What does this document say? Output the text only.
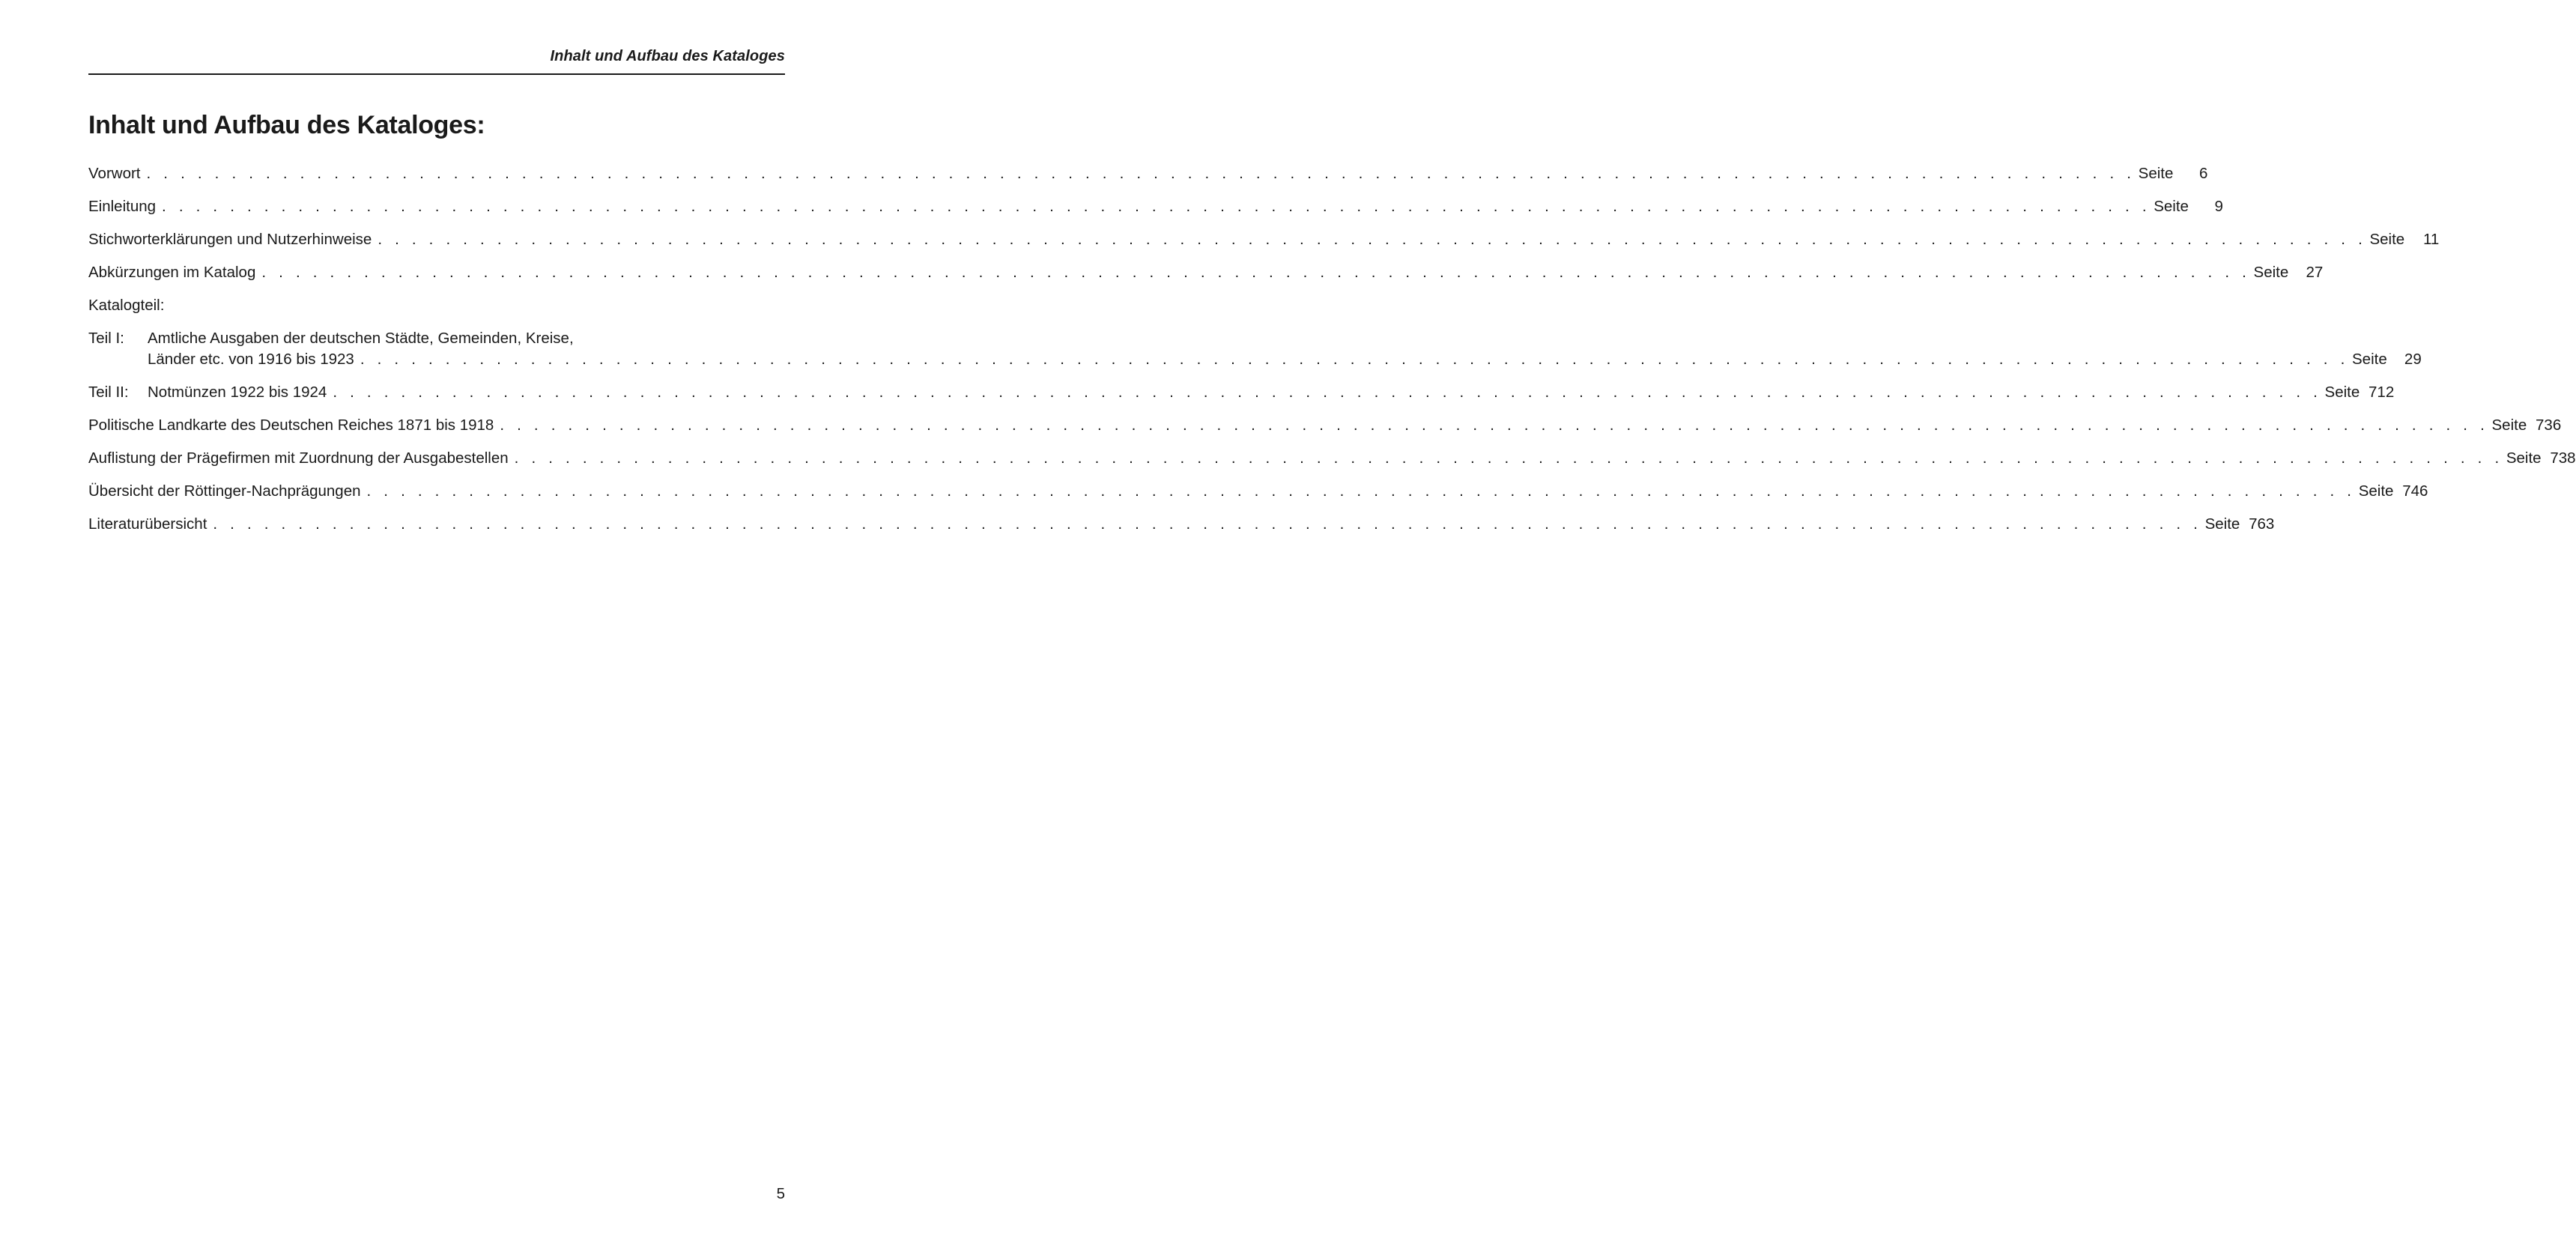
Inhalt und Aufbau des Kataloges
Inhalt und Aufbau des Kataloges:
Vorwort . . . . . . . . . . . . . . . . . . . . . . . . . . . . . . . . . . . . . . . . . . . . . . . . . . . . . . . . . . . . . . . . . . . . . . . . . . . . . . . . . . . . . . . . . . . . . . . . . . . . . . . . . . . . . . . . . . . . . Seite	6
Einleitung . . . . . . . . . . . . . . . . . . . . . . . . . . . . . . . . . . . . . . . . . . . . . . . . . . . . . . . . . . . . . . . . . . . . . . . . . . . . . . . . . . . . . . . . . . . . . . . . . . . . . . . . . . . . . . . . . . . . . Seite	9
Stichworterklärungen und Nutzerhinweise . . . . . . . . . . . . . . . . . . . . . . . . . . . . . . . . . . . . . . . . . . . . . . . . . . . . . . . . . . . . . . . . . . . . . . . . . . . . . . . . . . . . . . . . . . . . . . . . . . . . . . . . . . . . . . . . . . . . . Seite	11
Abkürzungen im Katalog . . . . . . . . . . . . . . . . . . . . . . . . . . . . . . . . . . . . . . . . . . . . . . . . . . . . . . . . . . . . . . . . . . . . . . . . . . . . . . . . . . . . . . . . . . . . . . . . . . . . . . . . . . . . . . . . . . . . . Seite	27
Katalogteil:
Teil I:	Amtliche Ausgaben der deutschen Städte, Gemeinden, Kreise,
Länder etc. von 1916 bis 1923 . . . . . . . . . . . . . . . . . . . . . . . . . . . . . . . . . . . . . . . . . . . . . . . . . . . . . . . . . . . . . . . . . . . . . . . . . . . . . . . . . . . . . . . . . . . . . . . . . . . . . . . . . . . . . . . . . . . . . Seite	29
Teil II:	Notmünzen 1922 bis 1924 . . . . . . . . . . . . . . . . . . . . . . . . . . . . . . . . . . . . . . . . . . . . . . . . . . . . . . . . . . . . . . . . . . . . . . . . . . . . . . . . . . . . . . . . . . . . . . . . . . . . . . . . . . . . . . . . . . . . . Seite 712
Politische Landkarte des Deutschen Reiches 1871 bis 1918 . . . . . . . . . . . . . . . . . . . . . . . . . . . . . . . . . . . . . . . . . . . . . . . . . . . . . . . . . . . . . . . . . . . . . . . . . . . . . . . . . . . . . . . . . . . . . . . . . . . . . . . . . . . . . . . . . . . . . Seite 736
Auflistung der Prägefirmen mit Zuordnung der Ausgabestellen . . . . . . . . . . . . . . . . . . . . . . . . . . . . . . . . . . . . . . . . . . . . . . . . . . . . . . . . . . . . . . . . . . . . . . . . . . . . . . . . . . . . . . . . . . . . . . . . . . . . . . . . . . . . . . . . . . . . . Seite 738
Übersicht der Röttinger-Nachprägungen . . . . . . . . . . . . . . . . . . . . . . . . . . . . . . . . . . . . . . . . . . . . . . . . . . . . . . . . . . . . . . . . . . . . . . . . . . . . . . . . . . . . . . . . . . . . . . . . . . . . . . . . . . . . . . . . . . . . . Seite 746
Literaturübersicht . . . . . . . . . . . . . . . . . . . . . . . . . . . . . . . . . . . . . . . . . . . . . . . . . . . . . . . . . . . . . . . . . . . . . . . . . . . . . . . . . . . . . . . . . . . . . . . . . . . . . . . . . . . . . . . . . . . . . Seite 763
5
